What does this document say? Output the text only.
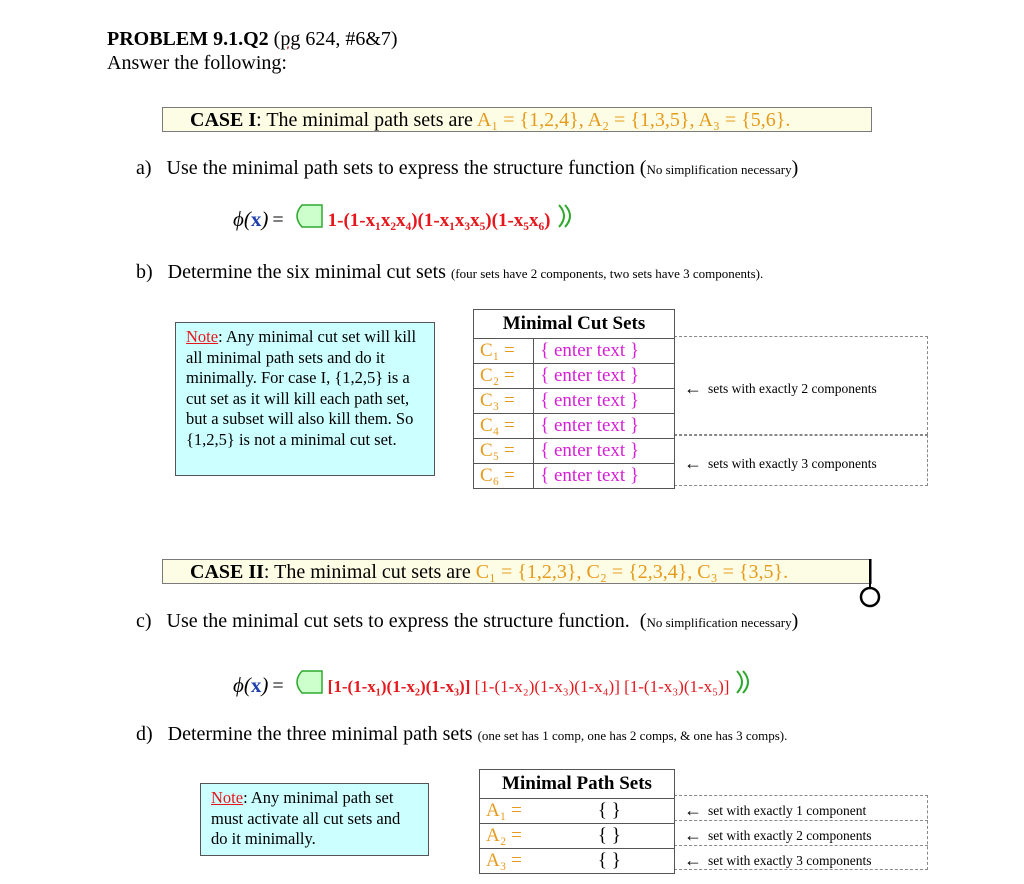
PROBLEM 9.1.Q2 (pg 624, #6&7)
Answer the following:
CASE I: The minimal path sets are A₁ = {1,2,4}, A₂ = {1,3,5}, A₃ = {5,6}.
a) Use the minimal path sets to express the structure function (No simplification necessary)
ϕ(x) = 1-(1-x₁x₂x₄)(1-x₁x₃x₅)(1-x₅x₆)
b) Determine the six minimal cut sets (four sets have 2 components, two sets have 3 components).
Note: Any minimal cut set will kill all minimal path sets and do it minimally. For case I, {1,2,5} is a cut set as it will kill each path set, but a subset will also kill them. So {1,2,5} is not a minimal cut set.
Minimal Cut Sets	
C₁ =	{ enter text }
C₂ =	{ enter text }
C₃ =	{ enter text }
C₄ =	{ enter text }
C₅ =	{ enter text }
C₆ =	{ enter text }
← sets with exactly 2 components
← sets with exactly 3 components
CASE II: The minimal cut sets are C₁ = {1,2,3}, C₂ = {2,3,4}, C₃ = {3,5}.
c) Use the minimal cut sets to express the structure function. (No simplification necessary)
ϕ(x) =	[1-(1-x₁)(1-x₂)(1-x₃)] [1-(1-x₂)(1-x₃)(1-x₄)] [1-(1-x₃)(1-x₅)]
d) Determine the three minimal path sets (one set has 1 comp, one has 2 comps, & one has 3 comps).
Note: Any minimal path set must activate all cut sets and do it minimally.
Minimal Path Sets	
A₁ =	{ }
A₂ =	{ }
A₃ =	{ }
← set with exactly 1 component
← set with exactly 2 components
← set with exactly 3 components
